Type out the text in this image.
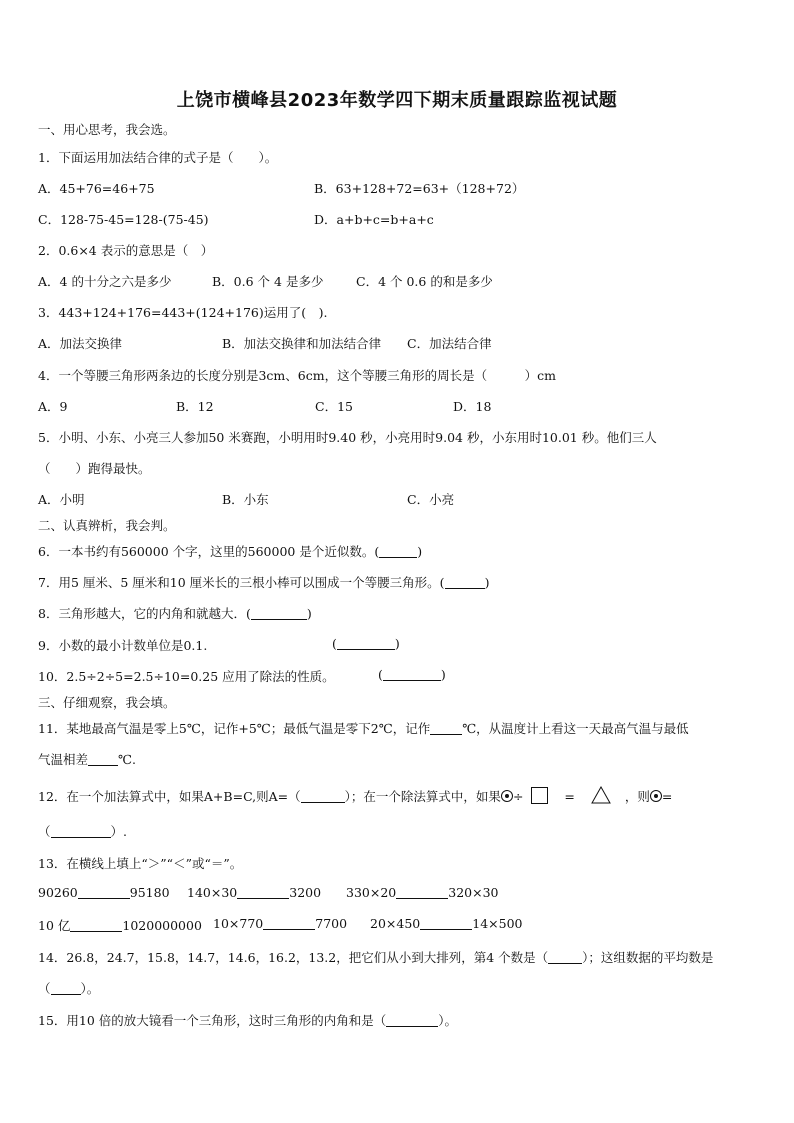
上饶市横峰县2023年数学四下期末质量跟踪监视试题
一、用心思考，我会选。
1．下面运用加法结合律的式子是（　　）。
A．45+76=46+75	B．63+128+72=63+（128+72）
C．128-75-45=128-(75-45)	D．a+b+c=b+a+c
2．0.6×4 表示的意思是（　）
A．4 的十分之六是多少	B．0.6 个 4 是多少	C．4 个 0.6 的和是多少
3．443+124+176=443+(124+176)运用了(　).
A．加法交换律	B．加法交换律和加法结合律 C．加法结合律
4．一个等腰三角形两条边的长度分别是3cm、6cm，这个等腰三角形的周长是（　　　）cm
A．9	B．12	C．15	D．18
5．小明、小东、小亮三人参加50 米赛跑，小明用时9.40 秒，小亮用时9.04 秒，小东用时10.01 秒。他们三人
（　　）跑得最快。
A．小明	B．小东	C．小亮
二、认真辨析，我会判。
6．一本书约有560000 个字，这里的560000 是个近似数。(	)
7．用5 厘米、5 厘米和10 厘米长的三根小棒可以围成一个等腰三角形。(	)
8．三角形越大，它的内角和就越大．(	)
9．小数的最小计数单位是0.1.	(	)
10．2.5÷2÷5=2.5÷10=0.25 应用了除法的性质。	(	)
三、仔细观察，我会填。
11．某地最高气温是零上5℃，记作+5℃；最低气温是零下2℃，记作	℃，从温度计上看这一天最高气温与最低
气温相差 ℃.
12．在一个加法算式中，如果A+B=C,则A=（	）；在一个除法算式中，如果 ÷	=	，则 =
（	）.
13．在横线上填上“＞”“＜”或“＝”。
90260	95180 140×30	3200 330×20	320×30
10 亿	1020000000 10×770	7700 20×450	14×500
14．26.8，24.7，15.8，14.7，14.6，16.2，13.2，把它们从小到大排列，第4 个数是（	）；这组数据的平均数是
（ ）。
15．用10 倍的放大镜看一个三角形，这时三角形的内角和是（	）。
